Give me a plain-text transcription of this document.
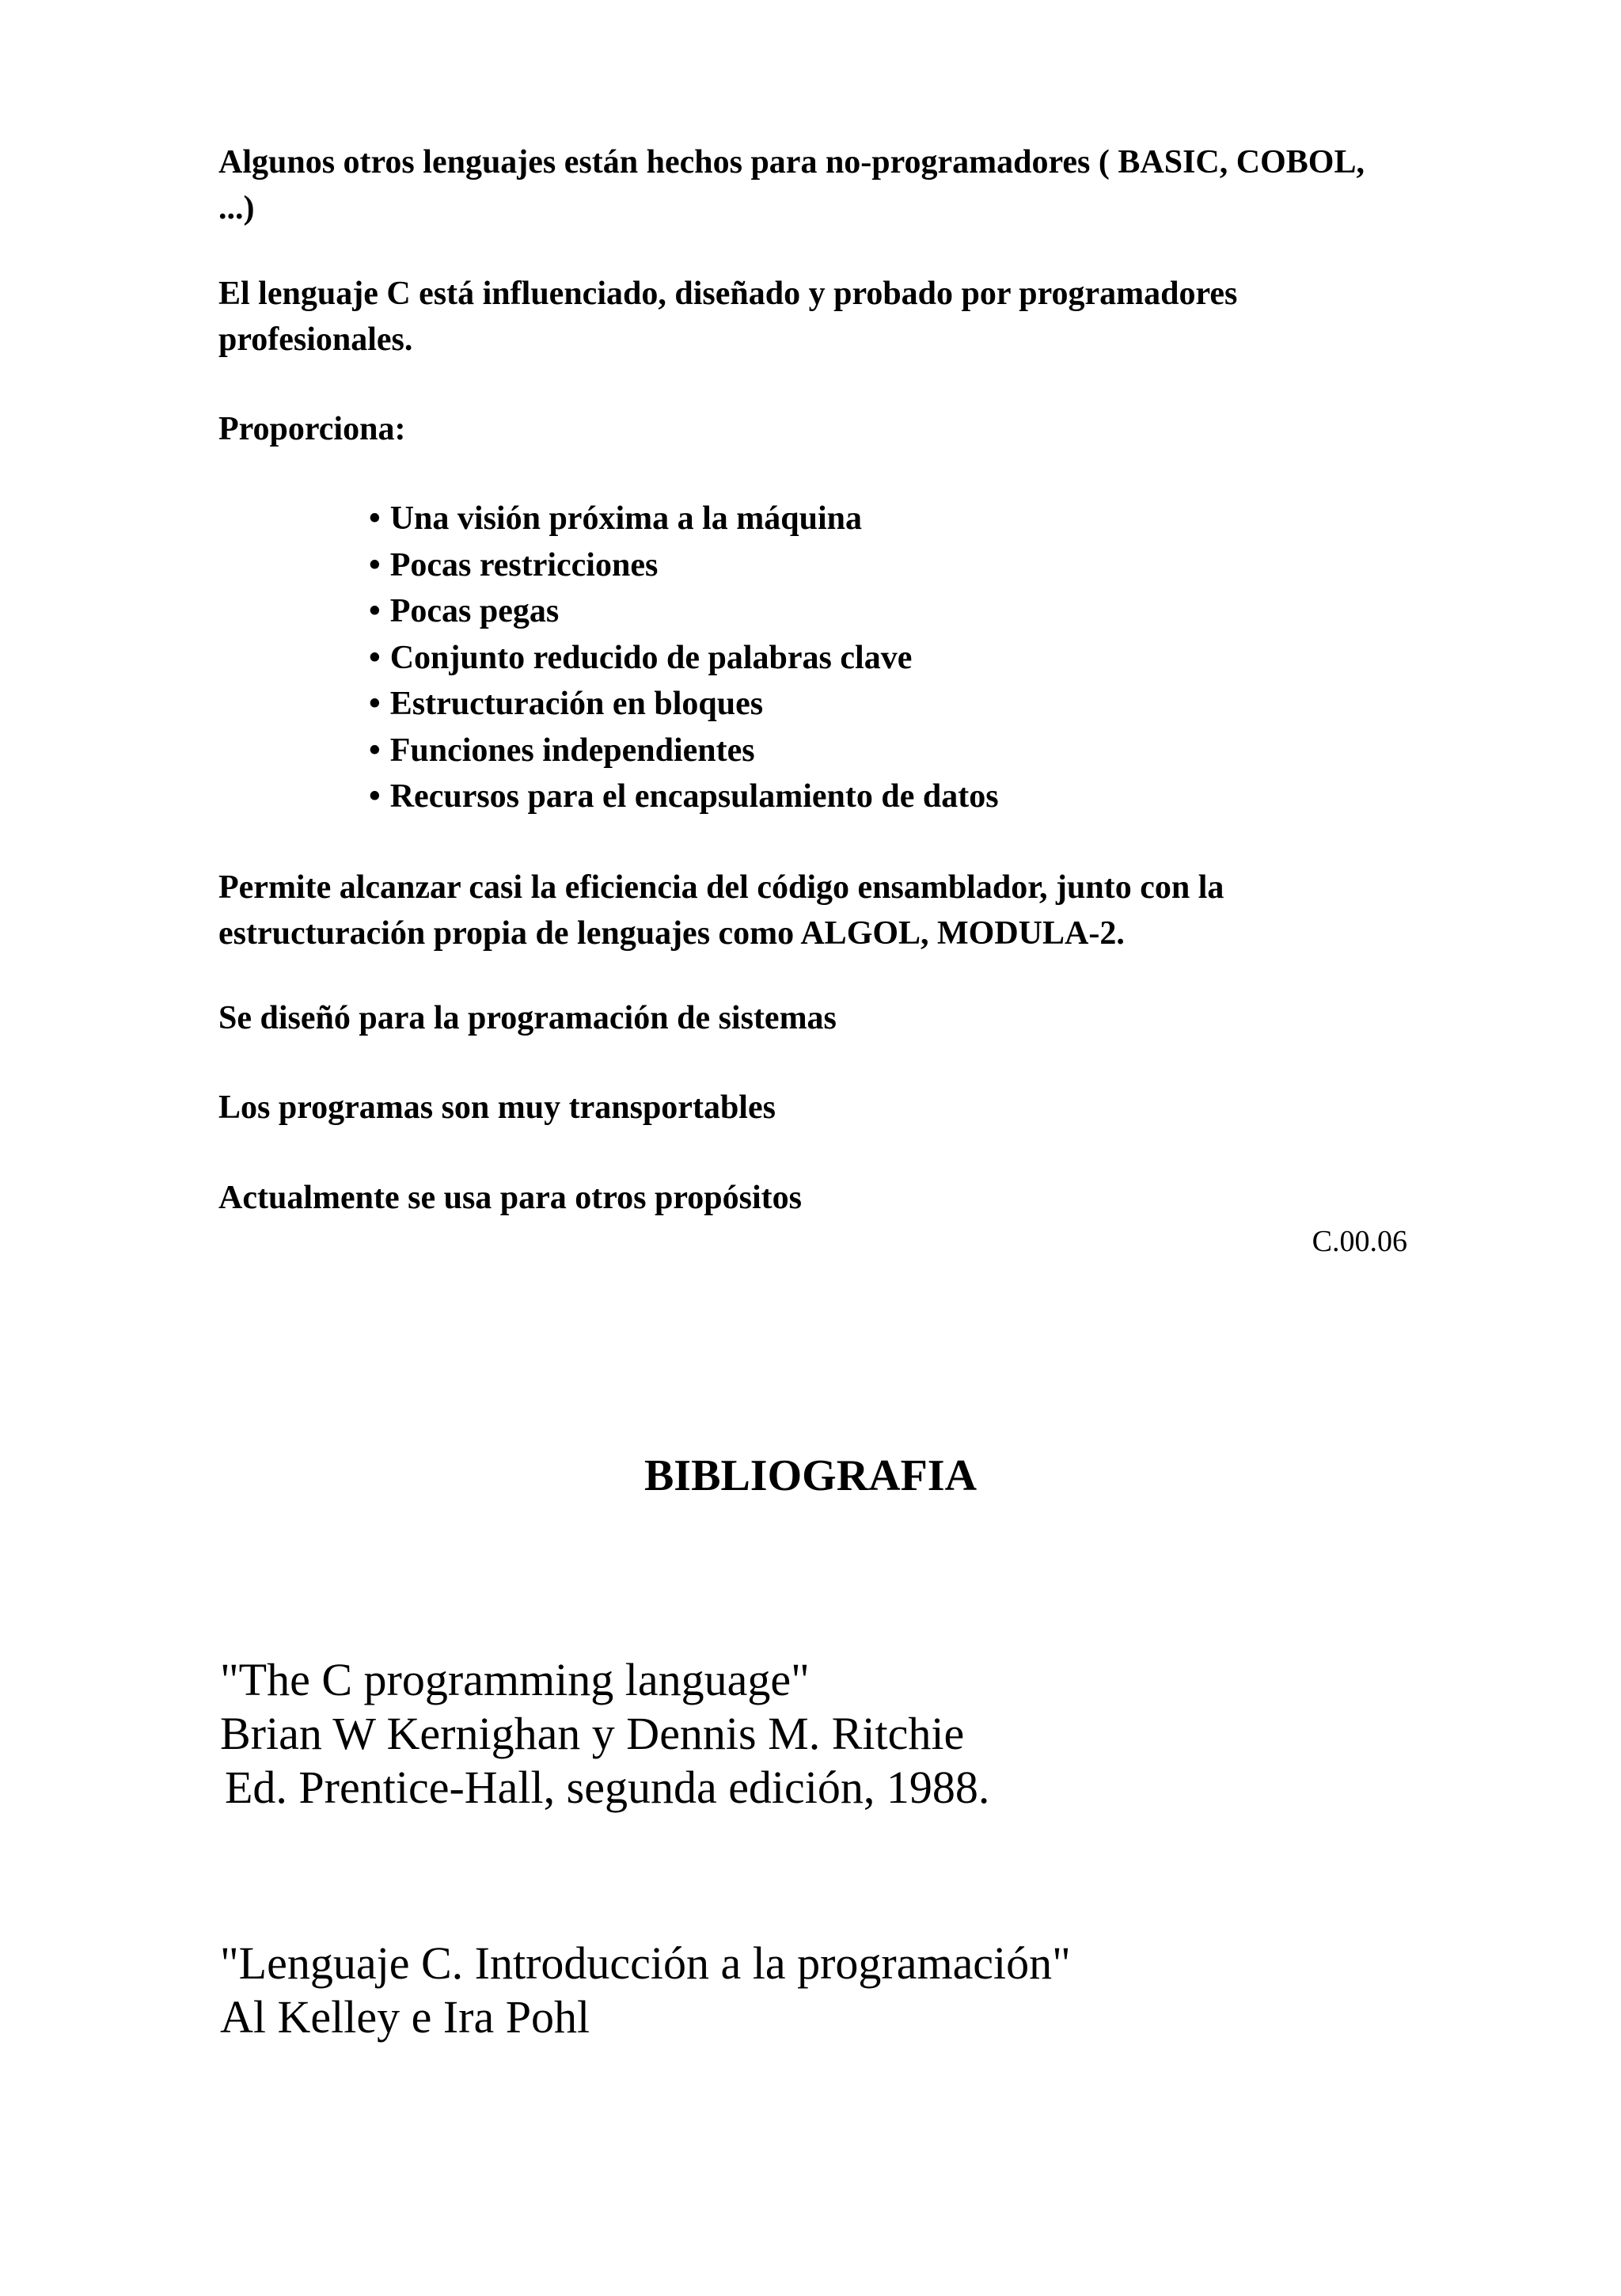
Algunos otros lenguajes están hechos para no-programadores ( BASIC, COBOL, ...)

El lenguaje C está influenciado, diseñado y probado por programadores profesionales.

Proporciona:

• Una visión próxima a la máquina
• Pocas restricciones
• Pocas pegas
• Conjunto reducido de palabras clave
• Estructuración en bloques
• Funciones independientes
• Recursos para el encapsulamiento de datos

Permite alcanzar casi la eficiencia del código ensamblador, junto con la estructuración propia de lenguajes como ALGOL, MODULA-2.

Se diseñó para la programación de sistemas

Los programas son muy transportables

Actualmente se usa para otros propósitos

C.00.06
BIBLIOGRAFIA
"The C programming language"
Brian W Kernighan y Dennis M. Ritchie
Ed. Prentice-Hall, segunda edición, 1988.
"Lenguaje C. Introducción a la programación"
Al Kelley e Ira Pohl
